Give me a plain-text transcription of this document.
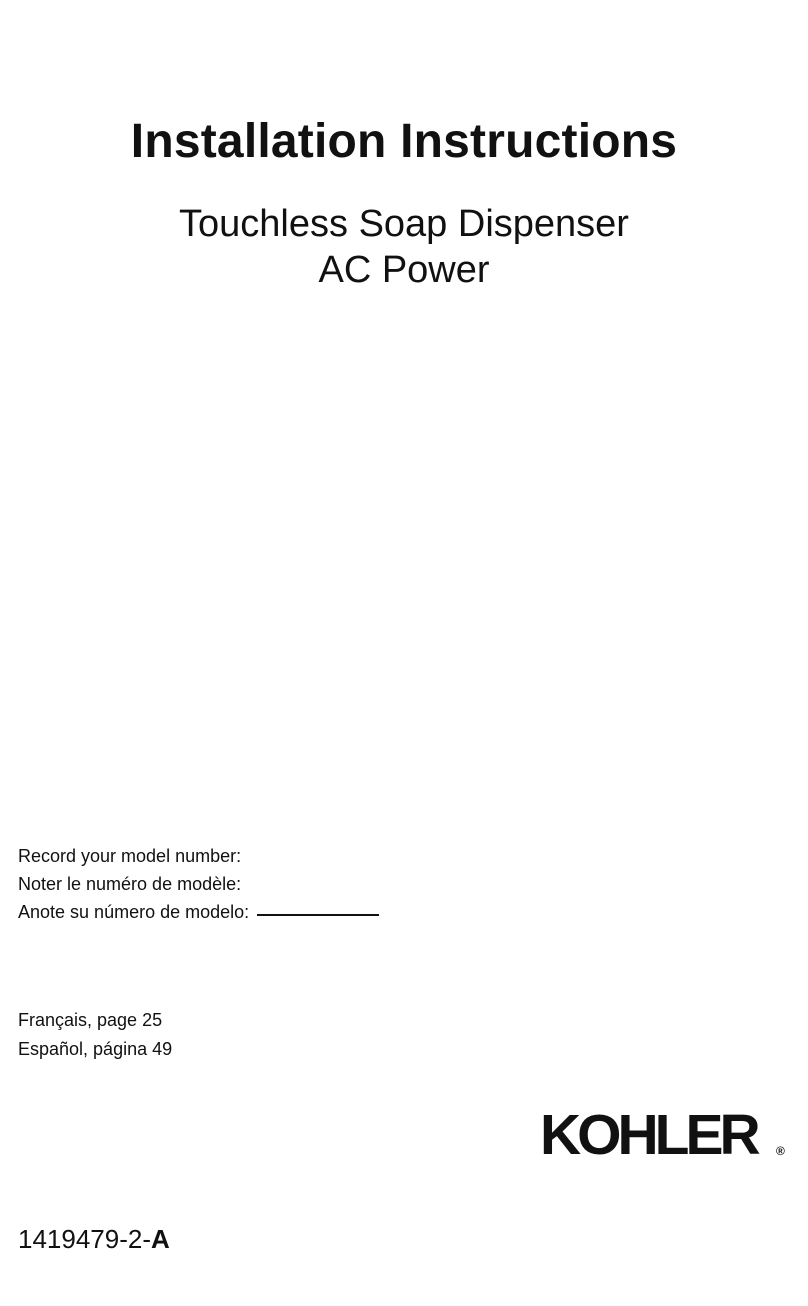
Installation Instructions
Touchless Soap Dispenser
AC Power
Record your model number:
Noter le numéro de modèle:
Anote su número de modelo:
Français, page 25
Español, página 49
KOHLER ®
1419479-2-A
